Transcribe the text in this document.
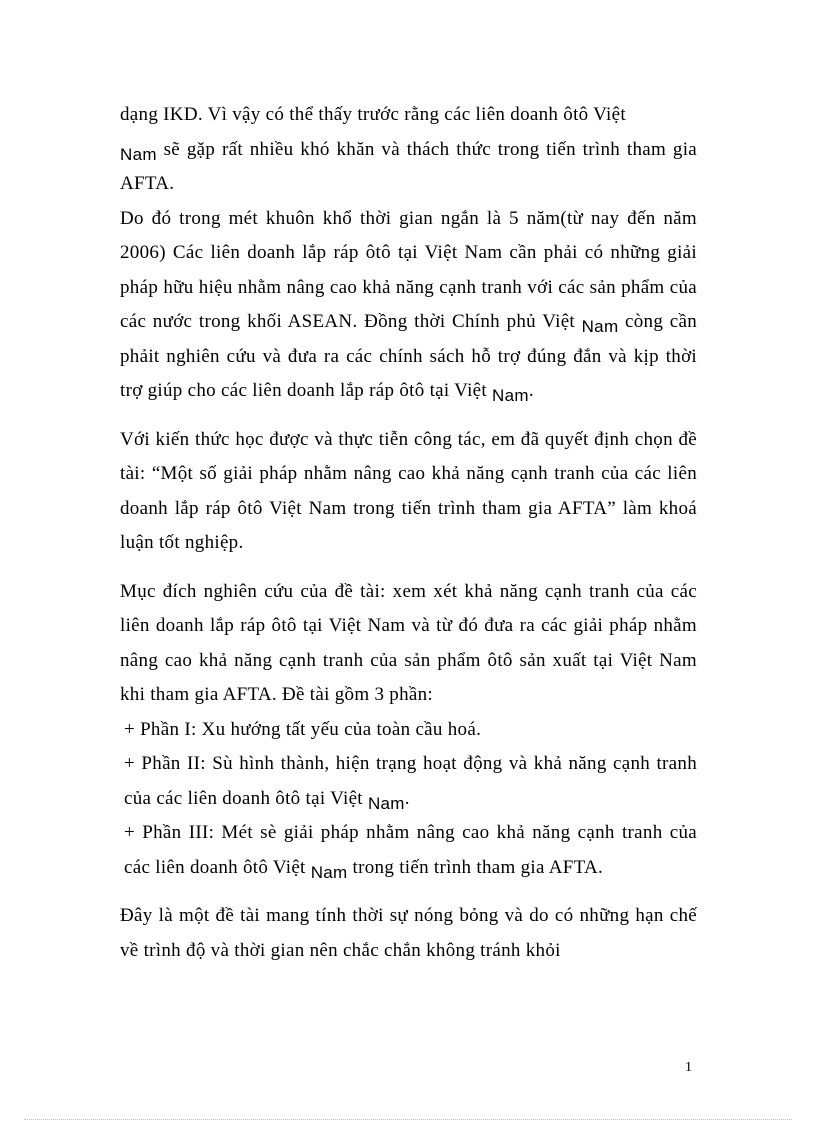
dạng IKD. Vì vậy có thể thấy trước rằng các liên doanh ôtô Việt
Nam sẽ gặp rất nhiều khó khăn và thách thức trong tiến trình tham gia AFTA.

Do đó trong mét khuôn khổ thời gian ngắn là 5 năm(từ nay đến năm 2006) Các liên doanh lắp ráp ôtô tại Việt Nam cần phải có những giải pháp hữu hiệu nhằm nâng cao khả năng cạnh tranh với các sản phẩm của các nước trong khối ASEAN. Đồng thời Chính phủ Việt Nam còng cần phảit nghiên cứu và đưa ra các chính sách hỗ trợ đúng đắn và kịp thời trợ giúp cho các liên doanh lắp ráp ôtô tại Việt Nam.

Với kiến thức học được và thực tiễn công tác, em đã quyết định chọn đề tài: “Một số giải pháp nhằm nâng cao khả năng cạnh tranh của các liên doanh lắp ráp ôtô Việt Nam trong tiến trình tham gia AFTA” làm khoá luận tốt nghiệp.

Mục đích nghiên cứu của đề tài: xem xét khả năng cạnh tranh của các liên doanh lắp ráp ôtô tại Việt Nam và từ đó đưa ra các giải pháp nhằm nâng cao khả năng cạnh tranh của sản phẩm ôtô sản xuất tại Việt Nam khi tham gia AFTA. Đề tài gồm 3 phần:

+ Phần I: Xu hướng tất yếu của toàn cầu hoá.

+ Phần II: Sù hình thành, hiện trạng hoạt động và khả năng cạnh tranh của các liên doanh ôtô tại Việt Nam.

+ Phần III: Mét sè giải pháp nhằm nâng cao khả năng cạnh tranh của các liên doanh ôtô Việt Nam trong tiến trình tham gia AFTA.

Đây là một đề tài mang tính thời sự nóng bỏng và do có những hạn chế về trình độ và thời gian nên chắc chắn không tránh khỏi

1
